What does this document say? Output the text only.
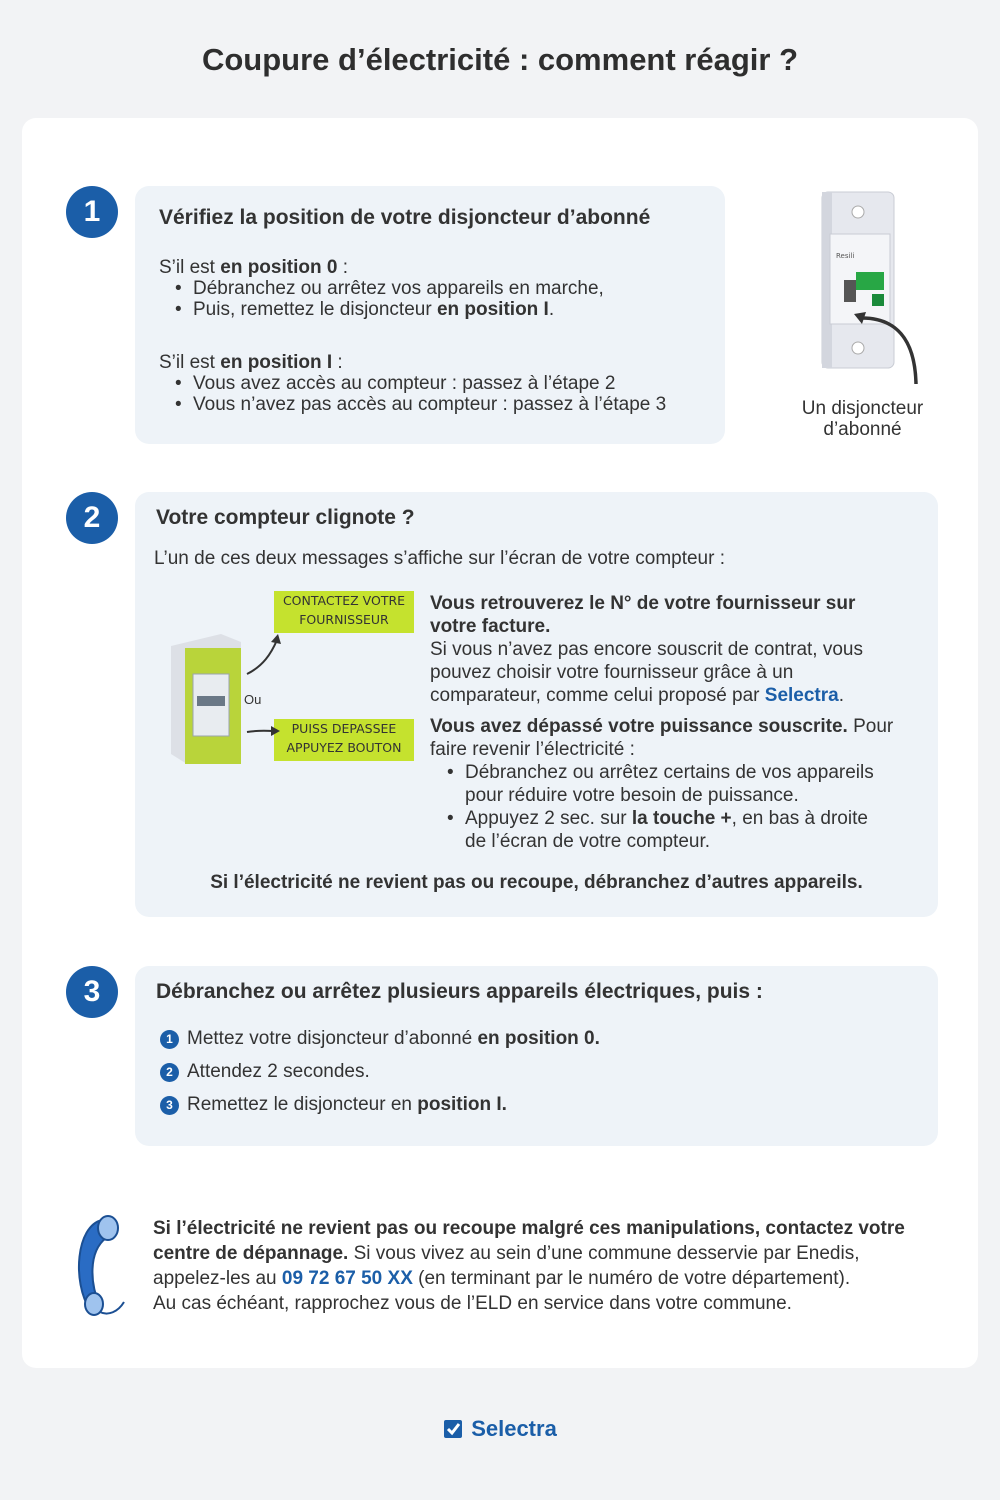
Coupure d’électricité : comment réagir ?
1	Vérifiez la position de votre disjoncteur d’abonné
S’il est en position 0 :
• Débranchez ou arrêtez vos appareils en marche,
• Puis, remettez le disjoncteur en position I.
S’il est en position I :
• Vous avez accès au compteur : passez à l’étape 2
• Vous n’avez pas accès au compteur : passez à l’étape 3
Resili
Un disjoncteur
d’abonné
2	Votre compteur clignote ?
L’un de ces deux messages s’affiche sur l’écran de votre compteur :
CONTACTEZ VOTRE
FOURNISSEUR
PUISS DEPASSEE
APPUYEZ BOUTON
Ou
Vous retrouverez le N° de votre fournisseur sur
votre facture.
Si vous n’avez pas encore souscrit de contrat, vous
pouvez choisir votre fournisseur grâce à un
comparateur, comme celui proposé par Selectra.
Vous avez dépassé votre puissance souscrite. Pour
faire revenir l’électricité :
• Débranchez ou arrêtez certains de vos appareils
pour réduire votre besoin de puissance.
• Appuyez 2 sec. sur la touche +, en bas à droite
de l’écran de votre compteur.
Si l’électricité ne revient pas ou recoupe, débranchez d’autres appareils.
3	Débranchez ou arrêtez plusieurs appareils électriques, puis :
1 Mettez votre disjoncteur d’abonné en position 0.
2 Attendez 2 secondes.
3 Remettez le disjoncteur en position I.
Si l’électricité ne revient pas ou recoupe malgré ces manipulations, contactez votre
centre de dépannage. Si vous vivez au sein d’une commune desservie par Enedis,
appelez-les au 09 72 67 50 XX (en terminant par le numéro de votre département).
Au cas échéant, rapprochez vous de l’ELD en service dans votre commune.
Selectra
